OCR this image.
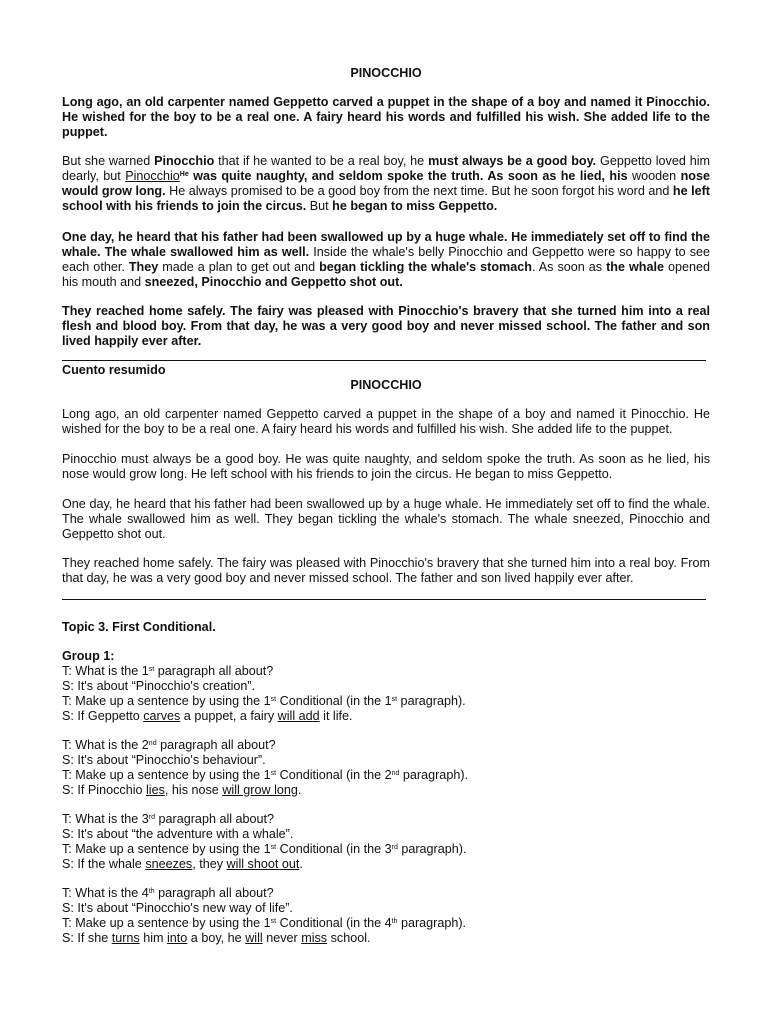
PINOCCHIO
Long ago, an old carpenter named Geppetto carved a puppet in the shape of a boy and named it Pinocchio. He wished for the boy to be a real one. A fairy heard his words and fulfilled his wish. She added life to the puppet.
But she warned Pinocchio that if he wanted to be a real boy, he must always be a good boy. Geppetto loved him dearly, but Pinocchio$^{He}$ was quite naughty, and seldom spoke the truth. As soon as he lied, his wooden nose would grow long. He always promised to be a good boy from the next time. But he soon forgot his word and he left school with his friends to join the circus. But he began to miss Geppetto.
One day, he heard that his father had been swallowed up by a huge whale. He immediately set off to find the whale. The whale swallowed him as well. Inside the whale's belly Pinocchio and Geppetto were so happy to see each other. They made a plan to get out and began tickling the whale's stomach. As soon as the whale opened his mouth and sneezed, Pinocchio and Geppetto shot out.
They reached home safely. The fairy was pleased with Pinocchio's bravery that she turned him into a real flesh and blood boy. From that day, he was a very good boy and never missed school. The father and son lived happily ever after.
Cuento resumido
PINOCCHIO
Long ago, an old carpenter named Geppetto carved a puppet in the shape of a boy and named it Pinocchio. He wished for the boy to be a real one. A fairy heard his words and fulfilled his wish. She added life to the puppet.
Pinocchio must always be a good boy. He was quite naughty, and seldom spoke the truth. As soon as he lied, his nose would grow long. He left school with his friends to join the circus. He began to miss Geppetto.
One day, he heard that his father had been swallowed up by a huge whale. He immediately set off to find the whale. The whale swallowed him as well. They began tickling the whale's stomach. The whale sneezed, Pinocchio and Geppetto shot out.
They reached home safely. The fairy was pleased with Pinocchio's bravery that she turned him into a real boy. From that day, he was a very good boy and never missed school. The father and son lived happily ever after.
Topic 3. First Conditional.
Group 1:
T: What is the 1st paragraph all about?
S: It's about “Pinocchio's creation”.
T: Make up a sentence by using the 1st Conditional (in the 1st paragraph).
S: If Geppetto carves a puppet, a fairy will add it life.
T: What is the 2nd paragraph all about?
S: It's about “Pinocchio's behaviour”.
T: Make up a sentence by using the 1st Conditional (in the 2nd paragraph).
S: If Pinocchio lies, his nose will grow long.
T: What is the 3rd paragraph all about?
S: It's about “the adventure with a whale”.
T: Make up a sentence by using the 1st Conditional (in the 3rd paragraph).
S: If the whale sneezes, they will shoot out.
T: What is the 4th paragraph all about?
S: It's about “Pinocchio's new way of life”.
T: Make up a sentence by using the 1st Conditional (in the 4th paragraph).
S: If she turns him into a boy, he will never miss school.
